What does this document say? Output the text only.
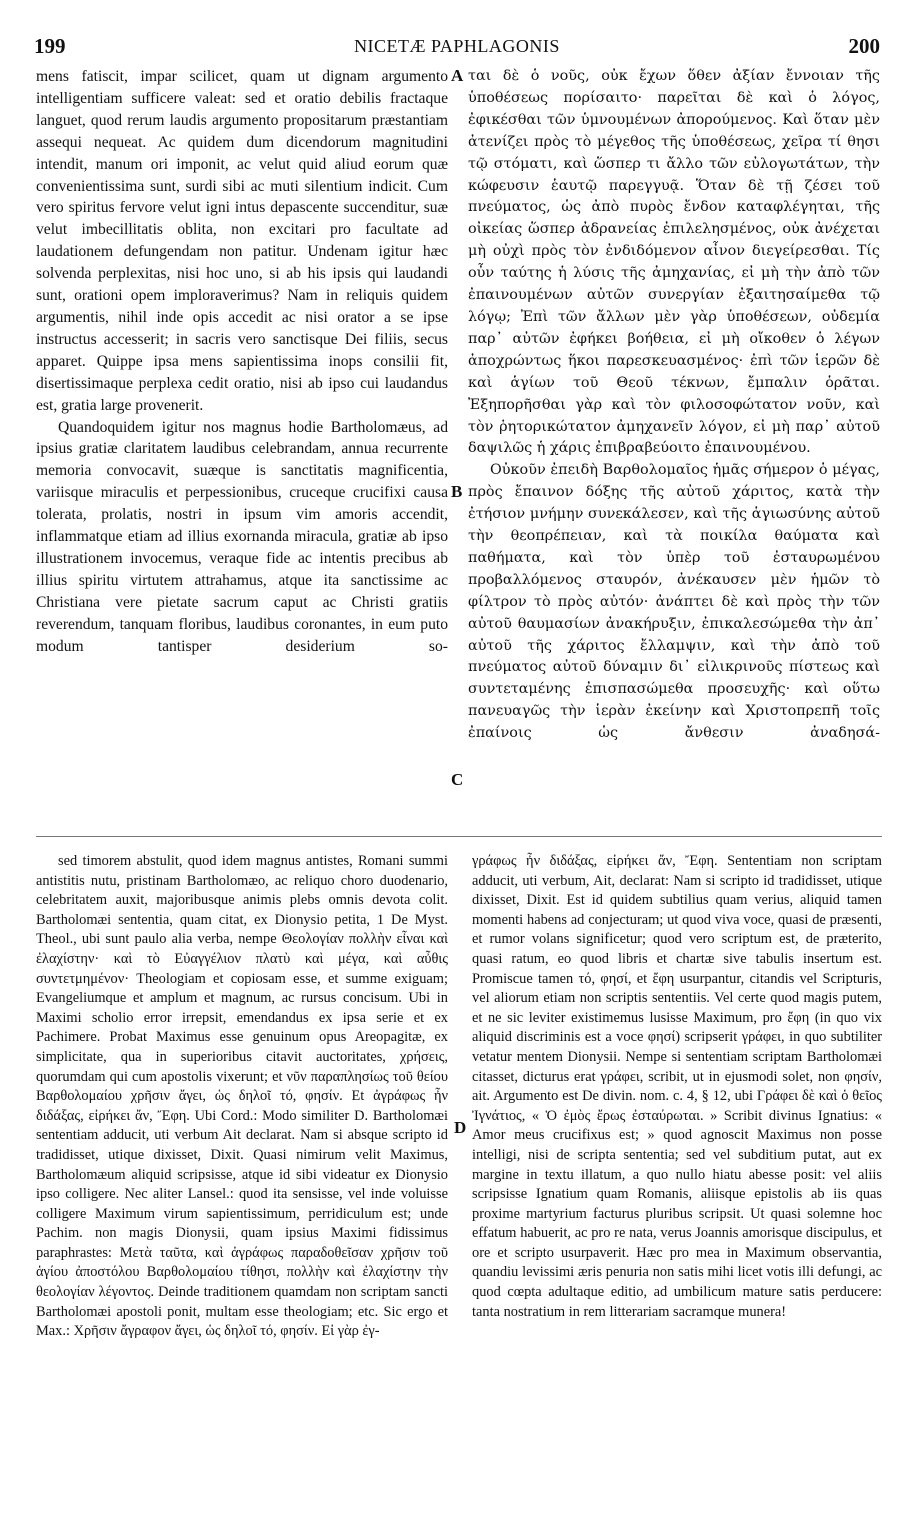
199	NICETÆ PAPHLAGONIS	200

mens fatiscit, impar scilicet, quam ut dignam argumento intelligentiam sufficere valeat: sed et oratio debilis fractaque languet, quod rerum laudis argumento propositarum præstantiam assequi nequeat. Ac quidem dum dicendorum magnitudini intendit, manum ori imponit, ac velut quid aliud eorum quæ convenientissima sunt, surdi sibi ac muti silentium indicit. Cum vero spiritus fervore velut igni intus depascente succenditur, suæ velut imbecillitatis oblita, non excitari pro facultate ad laudationem defungendam non patitur. Undenam igitur hæc solvenda perplexitas, nisi hoc uno, si ab his ipsis qui laudandi sunt, orationi opem imploraverimus? Nam in reliquis quidem argumentis, nihil inde opis accedit ac nisi orator a se ipse instructus accesserit; in sacris vero sanctisque Dei filiis, secus apparet. Quippe ipsa mens sapientissima inops consilii fit, disertissimaque perplexa cedit oratio, nisi ab ipso cui laudandus est, gratia large provenerit.

Quandoquidem igitur nos magnus hodie Bartholomæus, ad ipsius gratiæ claritatem laudibus celebrandam, annua recurrente memoria convocavit, suæque is sanctitatis magnificentia, variisque miraculis et perpessionibus, cruceque crucifixi causa tolerata, prolatis, nostri in ipsum vim amoris accendit, inflammatque etiam ad illius exornanda miracula, gratiæ ab ipso illustrationem invocemus, veraque fide ac intentis precibus ab illius spiritu virtutem attrahamus, atque ita sanctissime ac Christiana vere pietate sacrum caput ac Christi gratiis reverendum, tanquam floribus, laudibus coronantes, in eum puto modum tantisper desiderium so-

ται δὲ ὁ νοῦς, οὐκ ἔχων ὅθεν ἀξίαν ἔννοιαν τῆς ὑποθέσεως πορίσαιτο· παρεῖται δὲ καὶ ὁ λόγος, ἐφικέσθαι τῶν ὑμνουμένων ἀπορούμενος. Καὶ ὅταν μὲν ἀτενίζει πρὸς τὸ μέγεθος τῆς ὑποθέσεως, χεῖρα τί θησι τῷ στόματι, καὶ ὥσπερ τι ἄλλο τῶν εὐλογωτάτων, τὴν κώφευσιν ἑαυτῷ παρεγγυᾷ. Ὅταν δὲ τῇ ζέσει τοῦ πνεύματος, ὡς ἀπὸ πυρὸς ἔνδον καταφλέγηται, τῆς οἰκείας ὥσπερ ἀδρανείας ἐπιλελησμένος, οὐκ ἀνέχεται μὴ οὐχὶ πρὸς τὸν ἐνδιδόμενον αἶνον διεγείρεσθαι. Τίς οὖν ταύτης ἡ λύσις τῆς ἀμηχανίας, εἰ μὴ τὴν ἀπὸ τῶν ἐπαινουμένων αὐτῶν συνεργίαν ἐξαιτησαίμεθα τῷ λόγῳ; Ἐπὶ τῶν ἄλλων μὲν γὰρ ὑποθέσεων, οὐδεμία παρ᾽ αὐτῶν ἐφήκει βοήθεια, εἰ μὴ οἴκοθεν ὁ λέγων ἀποχρώντως ἥκοι παρεσκευασμένος· ἐπὶ τῶν ἱερῶν δὲ καὶ ἁγίων τοῦ Θεοῦ τέκνων, ἔμπαλιν ὁρᾶται. Ἐξηπορῆσθαι γὰρ καὶ τὸν φιλοσοφώτατον νοῦν, καὶ τὸν ῥητορικώτατον ἀμηχανεῖν λόγον, εἰ μὴ παρ᾽ αὐτοῦ δαψιλῶς ἡ χάρις ἐπιβραβεύοιτο ἐπαινουμένου.

Οὐκοῦν ἐπειδὴ Βαρθολομαῖος ἡμᾶς σήμερον ὁ μέγας, πρὸς ἔπαινον δόξης τῆς αὐτοῦ χάριτος, κατὰ τὴν ἐτήσιον μνήμην συνεκάλεσεν, καὶ τῆς ἁγιωσύνης αὐτοῦ τὴν θεοπρέπειαν, καὶ τὰ ποικίλα θαύματα καὶ παθήματα, καὶ τὸν ὑπὲρ τοῦ ἐσταυρωμένου προβαλλόμενος σταυρόν, ἀνέκαυσεν μὲν ἡμῶν τὸ φίλτρον τὸ πρὸς αὐτόν· ἀνάπτει δὲ καὶ πρὸς τὴν τῶν αὐτοῦ θαυμασίων ἀνακήρυξιν, ἐπικαλεσώμεθα τὴν ἀπ᾽ αὐτοῦ τῆς χάριτος ἔλλαμψιν, καὶ τὴν ἀπὸ τοῦ πνεύματος αὐτοῦ δύναμιν δι᾽ εἰλικρινοῦς πίστεως καὶ συντεταμένης ἐπισπασώμεθα προσευχῆς· καὶ οὕτω πανευαγῶς τὴν ἱερὰν ἐκείνην καὶ Χριστοπρεπῆ τοῖς ἐπαίνοις ὡς ἄνθεσιν ἀναδησά-

A
B
C
D

sed timorem abstulit, quod idem magnus antistes, Romani summi antistitis nutu, pristinam Bartholomæo, ac reliquo choro duodenario, celebritatem auxit, majoribusque animis plebs omnis devota colit. Bartholomæi sententia, quam citat, ex Dionysio petita, 1 De Myst. Theol., ubi sunt paulo alia verba, nempe Θεολογίαν πολλὴν εἶναι καὶ ἐλαχίστην· καὶ τὸ Εὐαγγέλιον πλατὺ καὶ μέγα, καὶ αὖθις συντετμημένον· Theologiam et copiosam esse, et summe exiguam; Evangeliumque et amplum et magnum, ac rursus concisum. Ubi in Maximi scholio error irrepsit, emendandus ex ipsa serie et ex Pachimere. Probat Maximus esse genuinum opus Areopagitæ, ex simplicitate, qua in superioribus citavit auctoritates, χρήσεις, quorumdam qui cum apostolis vixerunt; et νῦν παραπλησίως τοῦ θείου Βαρθολομαίου χρῆσιν ἄγει, ὡς δηλοῖ τό, φησίν. Et ἀγράφως ἦν διδάξας, εἰρήκει ἄν, Ἔφη. Ubi Cord.: Modo similiter D. Bartholomæi sententiam adducit, uti verbum Ait declarat. Nam si absque scripto id tradidisset, utique dixisset, Dixit. Quasi nimirum velit Maximus, Bartholomæum aliquid scripsisse, atque id sibi videatur ex Dionysio ipso colligere. Nec aliter Lansel.: quod ita sensisse, vel inde voluisse colligere Maximum virum sapientissimum, perridiculum est; unde Pachim. non magis Dionysii, quam ipsius Maximi fidissimus paraphrastes: Μετὰ ταῦτα, καὶ ἀγράφως παραδοθεῖσαν χρῆσιν τοῦ ἁγίου ἀποστόλου Βαρθολομαίου τίθησι, πολλὴν καὶ ἐλαχίστην τὴν θεολογίαν λέγοντος. Deinde traditionem quamdam non scriptam sancti Bartholomæi apostoli ponit, multam esse theologiam; etc. Sic ergo et Max.: Χρῆσιν ἄγραφον ἄγει, ὡς δηλοῖ τό, φησίν. Εἰ γὰρ ἐγ-

γράφως ἦν διδάξας, εἰρήκει ἄν, Ἔφη. Sententiam non scriptam adducit, uti verbum, Ait, declarat: Nam si scripto id tradidisset, utique dixisset, Dixit. Est id quidem subtilius quam verius, aliquid tamen momenti habens ad conjecturam; ut quod viva voce, quasi de præsenti, et rumor volans significetur; quod vero scriptum est, de præterito, quasi ratum, eo quod libris et chartæ sive tabulis insertum est. Promiscue tamen τό, φησί, et ἔφη usurpantur, citandis vel Scripturis, vel aliorum etiam non scriptis sententiis. Vel certe quod magis putem, et ne sic leviter existimemus lusisse Maximum, pro ἔφη (in quo vix aliquid discriminis est a voce φησί) scripserit γράφει, in quo subtiliter vetatur mentem Dionysii. Nempe si sententiam scriptam Bartholomæi citasset, dicturus erat γράφει, scribit, ut in ejusmodi solet, non φησίν, ait. Argumento est De divin. nom. c. 4, § 12, ubi Γράφει δὲ καὶ ὁ θεῖος Ἰγνάτιος, « Ὁ ἐμὸς ἔρως ἐσταύρωται. » Scribit divinus Ignatius: « Amor meus crucifixus est; » quod agnoscit Maximus non posse intelligi, nisi de scripta sententia; sed vel subditium putat, aut ex margine in textu illatum, a quo nullo hiatu abesse posit: vel aliis scripsisse Ignatium quam Romanis, aliisque epistolis ab iis quas proxime martyrium facturus pluribus scripsit. Ut quasi solemne hoc effatum habuerit, ac pro re nata, verus Joannis amorisque discipulus, et ore et scripto usurpaverit. Hæc pro mea in Maximum observantia, quandiu levissimi æris penuria non satis mihi licet votis illi defungi, ac quod cœpta adultaque editio, ad umbilicum mature satis perducere: tanta nostratium in rem litterariam sacramque munera!
